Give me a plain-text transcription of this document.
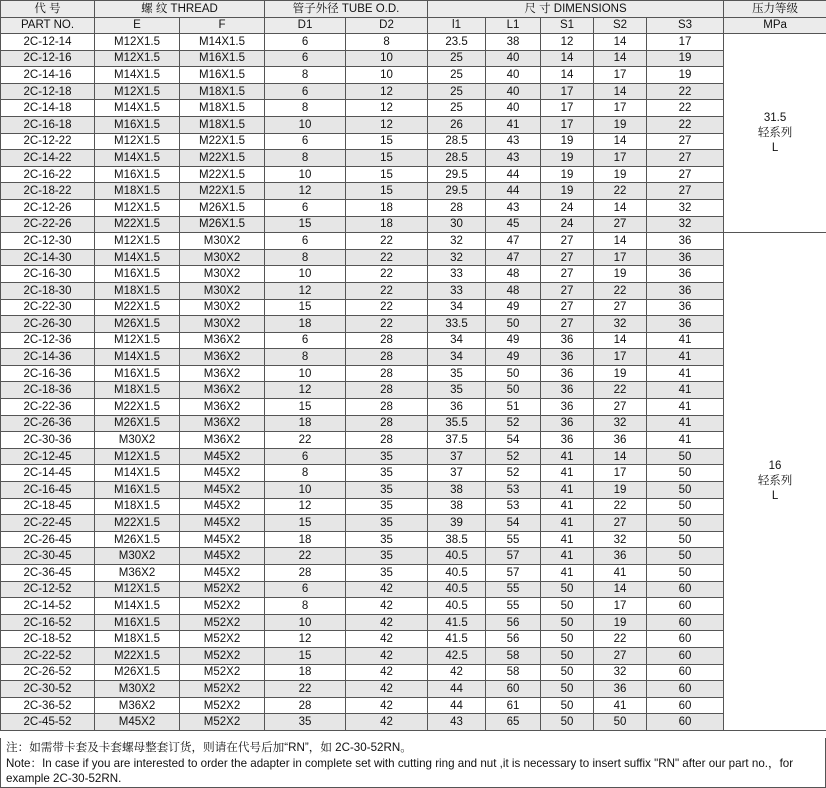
代 号	螺 纹 THREAD		管子外径 TUBE O.D.		尺 寸 DIMENSIONS					压力等级
PART NO.	E	F	D1	D2	l1	L1	S1	S2	S3	MPa
2C-12-14	M12X1.5	M14X1.5	6	8	23.5	38	12	14	17	31.5
轻系列
L

2C-12-16	M12X1.5	M16X1.5	6	10	25	40	14	14	19	
2C-14-16	M14X1.5	M16X1.5	8	10	25	40	14	17	19	
2C-12-18	M12X1.5	M18X1.5	6	12	25	40	17	14	22	
2C-14-18	M14X1.5	M18X1.5	8	12	25	40	17	17	22	
2C-16-18	M16X1.5	M18X1.5	10	12	26	41	17	19	22	
2C-12-22	M12X1.5	M22X1.5	6	15	28.5	43	19	14	27	
2C-14-22	M14X1.5	M22X1.5	8	15	28.5	43	19	17	27	
2C-16-22	M16X1.5	M22X1.5	10	15	29.5	44	19	19	27	
2C-18-22	M18X1.5	M22X1.5	12	15	29.5	44	19	22	27	
2C-12-26	M12X1.5	M26X1.5	6	18	28	43	24	14	32	
2C-22-26	M22X1.5	M26X1.5	15	18	30	45	24	27	32	
2C-12-30	M12X1.5	M30X2	6	22	32	47	27	14	36	16
轻系列
L

2C-14-30	M14X1.5	M30X2	8	22	32	47	27	17	36	
2C-16-30	M16X1.5	M30X2	10	22	33	48	27	19	36	
2C-18-30	M18X1.5	M30X2	12	22	33	48	27	22	36	
2C-22-30	M22X1.5	M30X2	15	22	34	49	27	27	36	
2C-26-30	M26X1.5	M30X2	18	22	33.5	50	27	32	36	
2C-12-36	M12X1.5	M36X2	6	28	34	49	36	14	41	
2C-14-36	M14X1.5	M36X2	8	28	34	49	36	17	41	
2C-16-36	M16X1.5	M36X2	10	28	35	50	36	19	41	
2C-18-36	M18X1.5	M36X2	12	28	35	50	36	22	41	
2C-22-36	M22X1.5	M36X2	15	28	36	51	36	27	41	
2C-26-36	M26X1.5	M36X2	18	28	35.5	52	36	32	41	
2C-30-36	M30X2	M36X2	22	28	37.5	54	36	36	41	
2C-12-45	M12X1.5	M45X2	6	35	37	52	41	14	50	
2C-14-45	M14X1.5	M45X2	8	35	37	52	41	17	50	
2C-16-45	M16X1.5	M45X2	10	35	38	53	41	19	50	
2C-18-45	M18X1.5	M45X2	12	35	38	53	41	22	50	
2C-22-45	M22X1.5	M45X2	15	35	39	54	41	27	50	
2C-26-45	M26X1.5	M45X2	18	35	38.5	55	41	32	50	
2C-30-45	M30X2	M45X2	22	35	40.5	57	41	36	50	
2C-36-45	M36X2	M45X2	28	35	40.5	57	41	41	50	
2C-12-52	M12X1.5	M52X2	6	42	40.5	55	50	14	60	
2C-14-52	M14X1.5	M52X2	8	42	40.5	55	50	17	60	
2C-16-52	M16X1.5	M52X2	10	42	41.5	56	50	19	60	
2C-18-52	M18X1.5	M52X2	12	42	41.5	56	50	22	60	
2C-22-52	M22X1.5	M52X2	15	42	42.5	58	50	27	60	
2C-26-52	M26X1.5	M52X2	18	42	42	58	50	32	60	
2C-30-52	M30X2	M52X2	22	42	44	60	50	36	60	
2C-36-52	M36X2	M52X2	28	42	44	61	50	41	60	
2C-45-52	M45X2	M52X2	35	42	43	65	50	50	60	
注：如需带卡套及卡套螺母整套订货，则请在代号后加“RN”，如 2C-30-52RN。
Note：In case if you are interested to order the adapter in complete set with cutting ring and nut ,it is necessary to insert suffix "RN" after our part no.，for example 2C-30-52RN.
